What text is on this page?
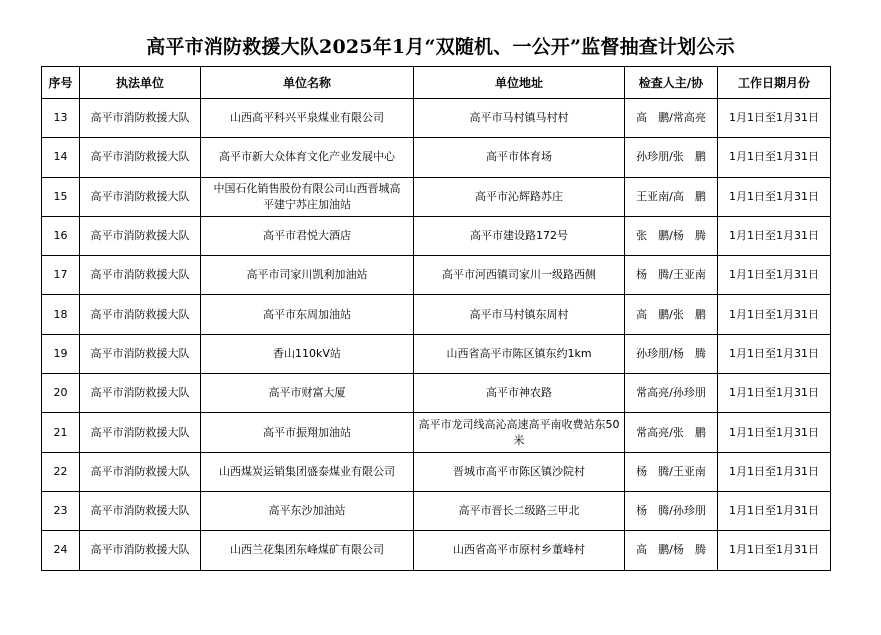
高平市消防救援大队2025年1月“双随机、一公开”监督抽查计划公示
序号	执法单位	单位名称	单位地址	检查人主/协	工作日期月份
13	高平市消防救援大队	山西高平科兴平泉煤业有限公司	高平市马村镇马村村	高　鹏/常高亮	1月1日至1月31日
14	高平市消防救援大队	高平市新大众体育文化产业发展中心	高平市体育场	孙珍朋/张　鹏	1月1日至1月31日
15	高平市消防救援大队	中国石化销售股份有限公司山西晋城高平建宁苏庄加油站	高平市沁辉路苏庄	王亚南/高　鹏	1月1日至1月31日
16	高平市消防救援大队	高平市君悦大酒店	高平市建设路172号	张　鹏/杨　腾	1月1日至1月31日
17	高平市消防救援大队	高平市司家川凯利加油站	高平市河西镇司家川一级路西侧	杨　腾/王亚南	1月1日至1月31日
18	高平市消防救援大队	高平市东周加油站	高平市马村镇东周村	高　鹏/张　鹏	1月1日至1月31日
19	高平市消防救援大队	香山110kV站	山西省高平市陈区镇东约1km	孙珍朋/杨　腾	1月1日至1月31日
20	高平市消防救援大队	高平市财富大厦	高平市神农路	常高亮/孙珍朋	1月1日至1月31日
21	高平市消防救援大队	高平市振翔加油站	高平市龙司线高沁高速高平南收费站东50米	常高亮/张　鹏	1月1日至1月31日
22	高平市消防救援大队	山西煤炭运销集团盛泰煤业有限公司	晋城市高平市陈区镇沙院村	杨　腾/王亚南	1月1日至1月31日
23	高平市消防救援大队	高平东沙加油站	高平市晋长二级路三甲北	杨　腾/孙珍朋	1月1日至1月31日
24	高平市消防救援大队	山西兰花集团东峰煤矿有限公司	山西省高平市原村乡董峰村	高　鹏/杨　腾	1月1日至1月31日
